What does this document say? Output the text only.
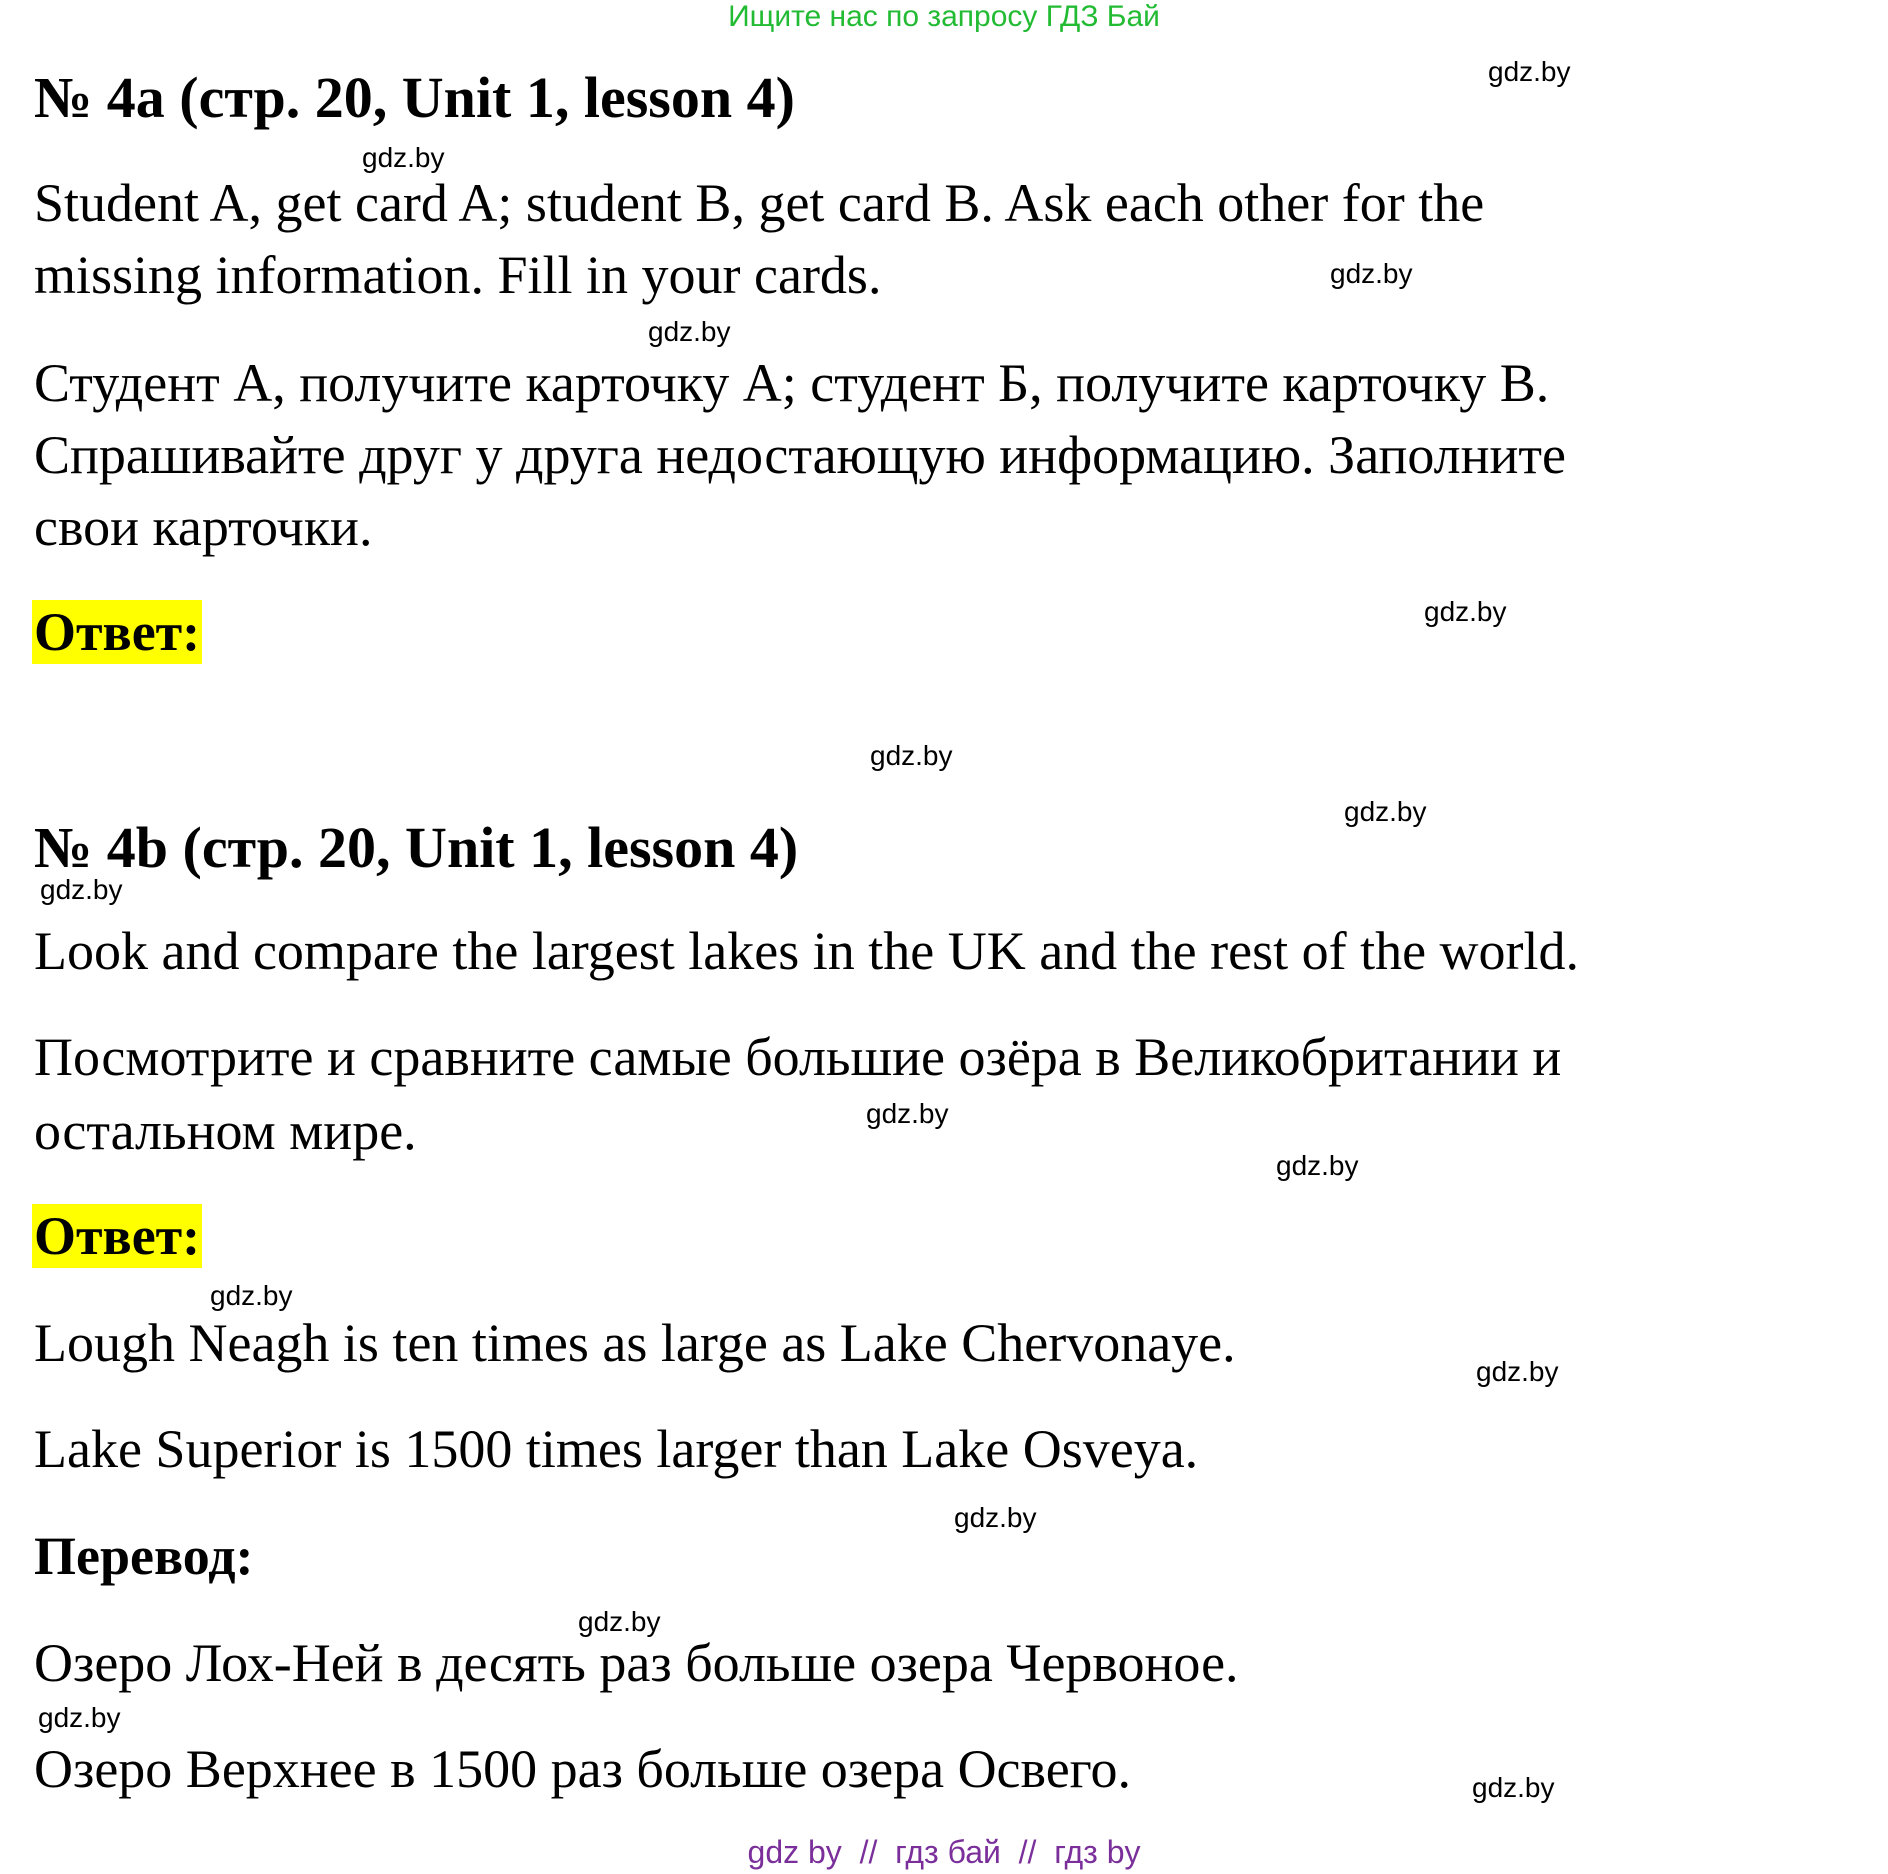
Ищите нас по запросу ГДЗ Бай
№ 4a (стр. 20, Unit 1, lesson 4)
Student A, get card A; student B, get card B. Ask each other for the
missing information. Fill in your cards.
Студент А, получите карточку А; студент Б, получите карточку В.
Спрашивайте друг у друга недостающую информацию. Заполните
свои карточки.
Ответ:
№ 4b (стр. 20, Unit 1, lesson 4)
Look and compare the largest lakes in the UK and the rest of the world.
Посмотрите и сравните самые большие озёра в Великобритании и
остальном мире.
Ответ:
Lough Neagh is ten times as large as Lake Chervonaye.
Lake Superior is 1500 times larger than Lake Osveya.
Перевод:
Озеро Лох-Ней в десять раз больше озера Червоное.
Озеро Верхнее в 1500 раз больше озера Освего.
gdz.by
gdz.by
gdz.by
gdz.by
gdz.by
gdz.by
gdz.by
gdz.by
gdz.by
gdz.by
gdz.by
gdz.by
gdz.by
gdz.by
gdz.by
gdz.by
gdz by  //  гдз бай  //  гдз by
